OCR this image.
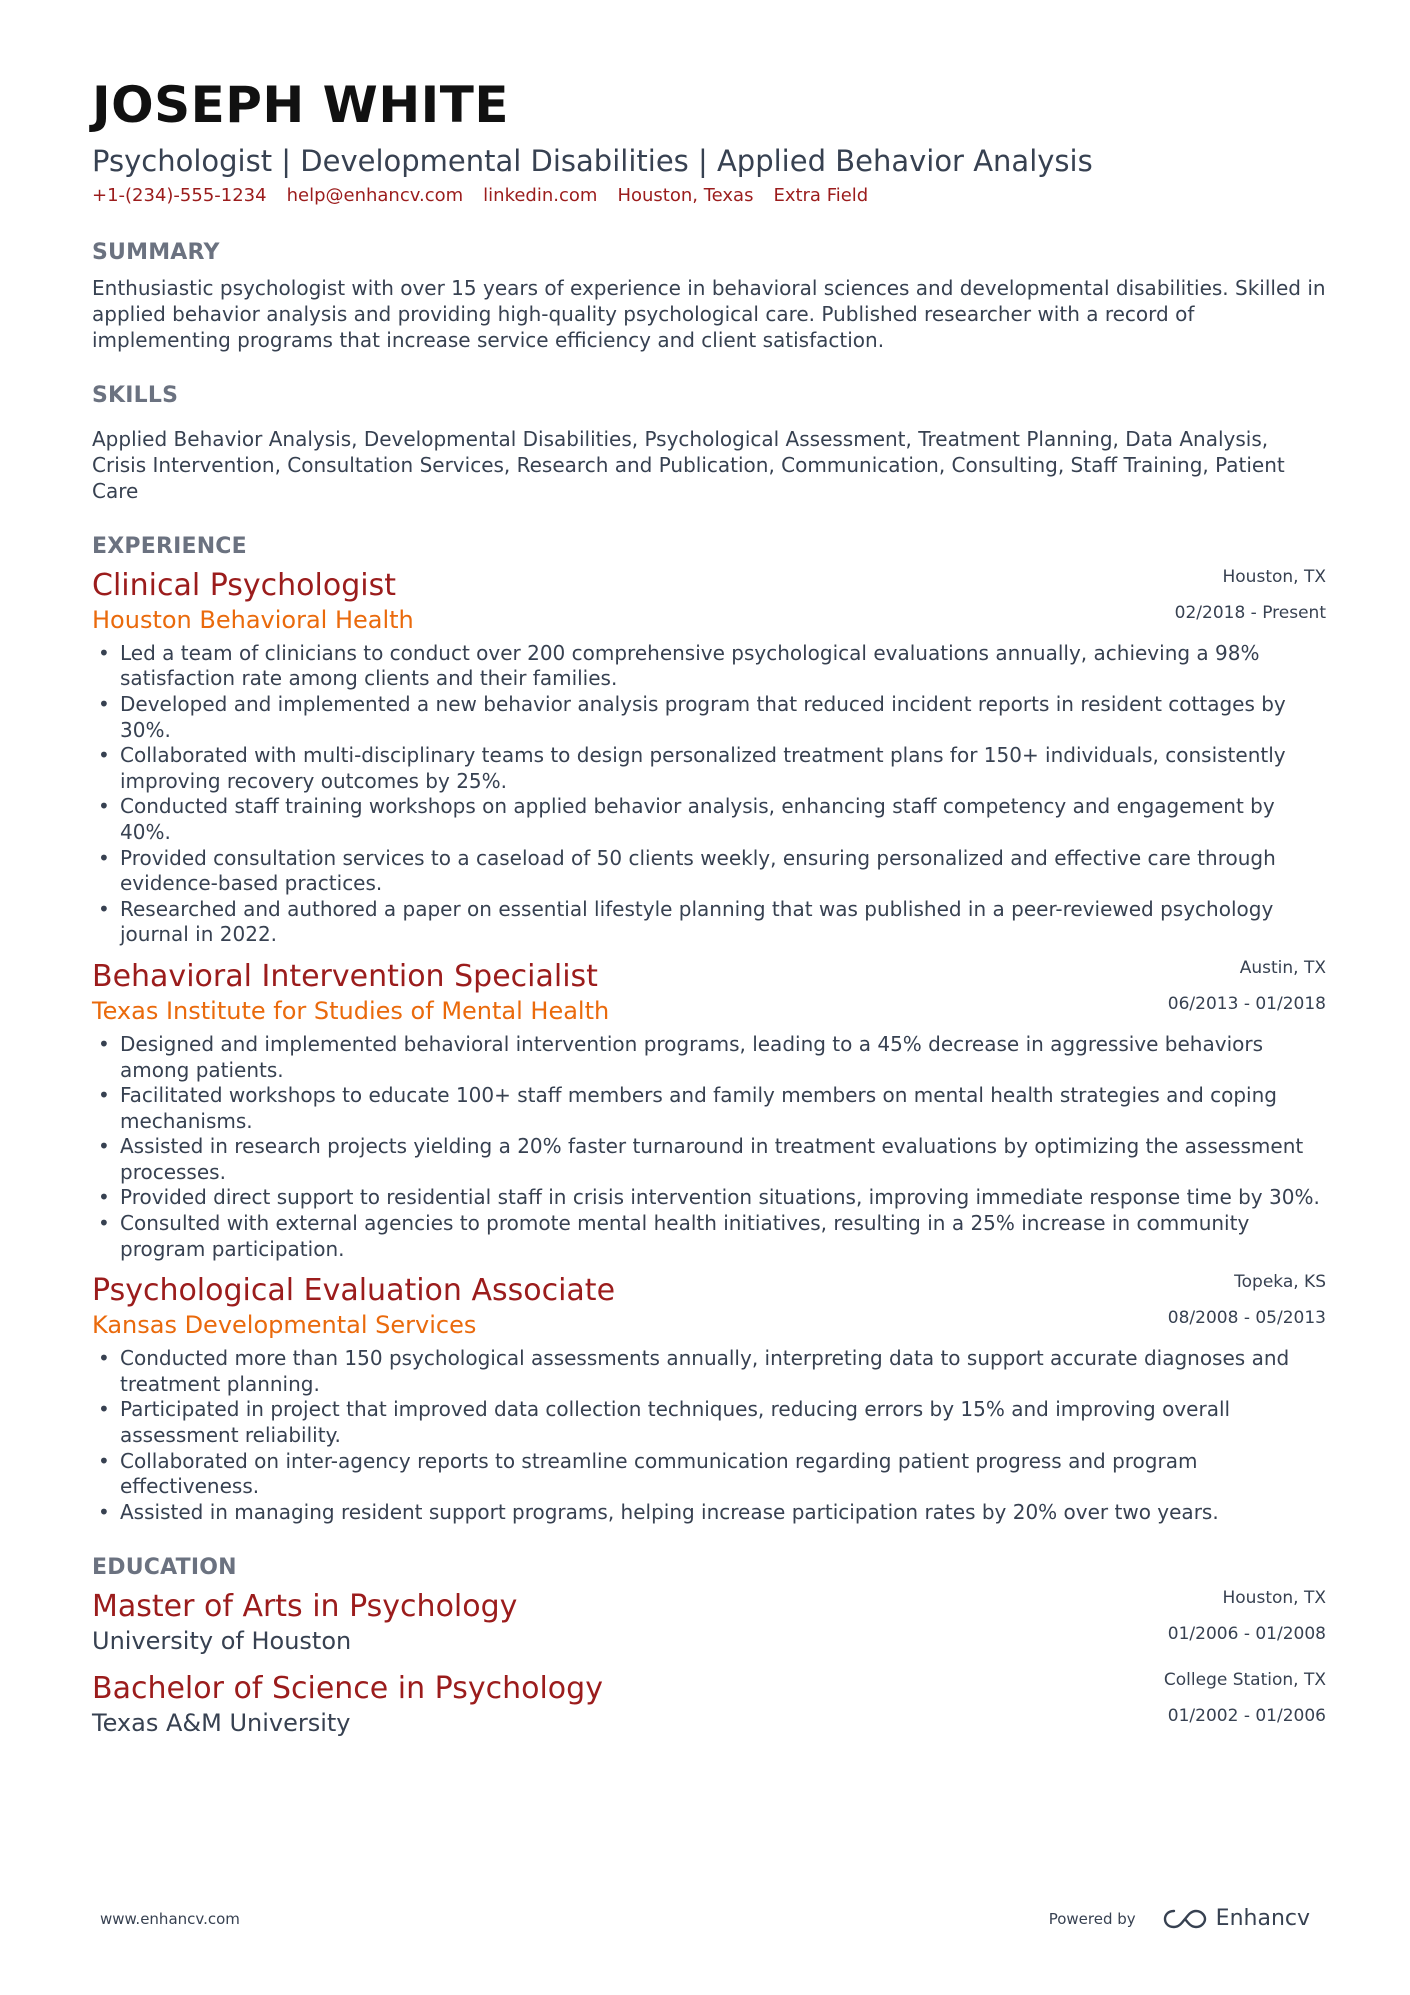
JOSEPH WHITE
Psychologist | Developmental Disabilities | Applied Behavior Analysis
+1-(234)-555-1234 help@enhancv.com linkedin.com Houston, Texas Extra Field
SUMMARY
Enthusiastic psychologist with over 15 years of experience in behavioral sciences and developmental disabilities. Skilled in applied behavior analysis and providing high-quality psychological care. Published researcher with a record of implementing programs that increase service efficiency and client satisfaction.
SKILLS
Applied Behavior Analysis, Developmental Disabilities, Psychological Assessment, Treatment Planning, Data Analysis, Crisis Intervention, Consultation Services, Research and Publication, Communication, Consulting, Staff Training, Patient Care
EXPERIENCE
Clinical Psychologist
Houston Behavioral Health
Houston, TX
02/2018 - Present
• Led a team of clinicians to conduct over 200 comprehensive psychological evaluations annually, achieving a 98% satisfaction rate among clients and their families.
• Developed and implemented a new behavior analysis program that reduced incident reports in resident cottages by 30%.
• Collaborated with multi-disciplinary teams to design personalized treatment plans for 150+ individuals, consistently improving recovery outcomes by 25%.
• Conducted staff training workshops on applied behavior analysis, enhancing staff competency and engagement by 40%.
• Provided consultation services to a caseload of 50 clients weekly, ensuring personalized and effective care through evidence-based practices.
• Researched and authored a paper on essential lifestyle planning that was published in a peer-reviewed psychology journal in 2022.
Behavioral Intervention Specialist
Texas Institute for Studies of Mental Health
Austin, TX
06/2013 - 01/2018
• Designed and implemented behavioral intervention programs, leading to a 45% decrease in aggressive behaviors among patients.
• Facilitated workshops to educate 100+ staff members and family members on mental health strategies and coping mechanisms.
• Assisted in research projects yielding a 20% faster turnaround in treatment evaluations by optimizing the assessment processes.
• Provided direct support to residential staff in crisis intervention situations, improving immediate response time by 30%.
• Consulted with external agencies to promote mental health initiatives, resulting in a 25% increase in community program participation.
Psychological Evaluation Associate
Kansas Developmental Services
Topeka, KS
08/2008 - 05/2013
• Conducted more than 150 psychological assessments annually, interpreting data to support accurate diagnoses and treatment planning.
• Participated in project that improved data collection techniques, reducing errors by 15% and improving overall assessment reliability.
• Collaborated on inter-agency reports to streamline communication regarding patient progress and program effectiveness.
• Assisted in managing resident support programs, helping increase participation rates by 20% over two years.
EDUCATION
Master of Arts in Psychology
University of Houston
Houston, TX
01/2006 - 01/2008
Bachelor of Science in Psychology
Texas A&M University
College Station, TX
01/2002 - 01/2006
www.enhancv.com	Powered by	Enhancv
